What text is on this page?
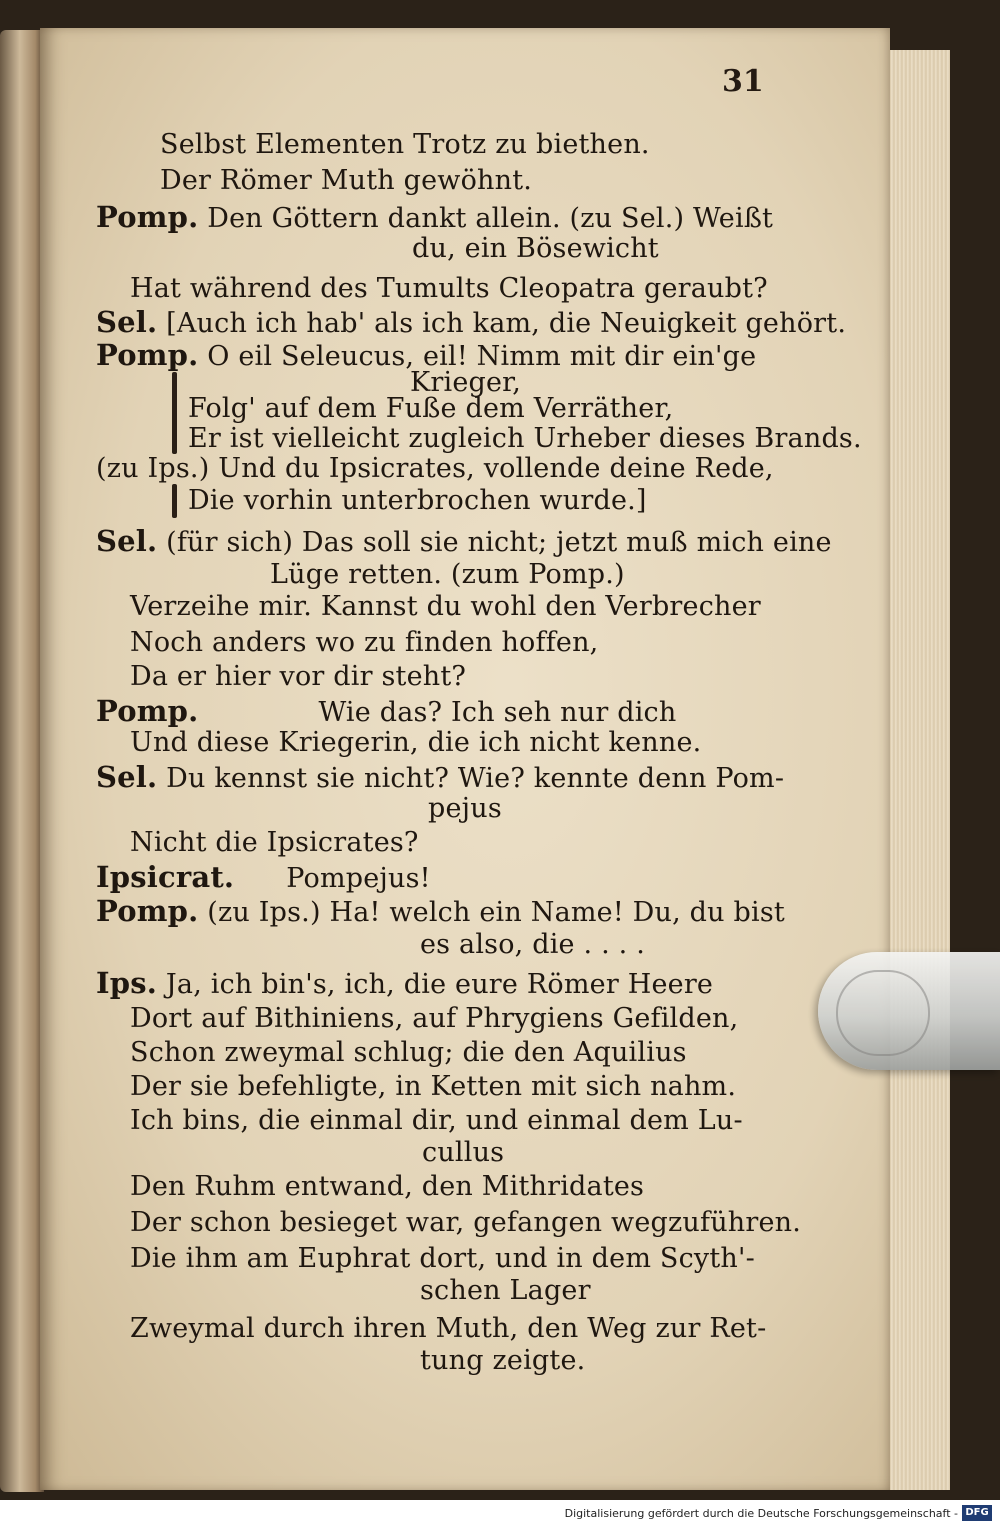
31
Selbst Elementen Trotz zu biethen.
Der Römer Muth gewöhnt.
Pomp. Den Göttern dankt allein. (zu Sel.) Weißt
du, ein Bösewicht
Hat während des Tumults Cleopatra geraubt?
Sel. [Auch ich hab' als ich kam, die Neuigkeit gehört.
Pomp. O eil Seleucus, eil! Nimm mit dir ein'ge
Krieger,
Folg' auf dem Fuße dem Verräther,
Er ist vielleicht zugleich Urheber dieses Brands.
(zu Ips.) Und du Ipsicrates, vollende deine Rede,
Die vorhin unterbrochen wurde.]
Sel. (für sich) Das soll sie nicht; jetzt muß mich eine
Lüge retten. (zum Pomp.)
Verzeihe mir. Kannst du wohl den Verbrecher
Noch anders wo zu finden hoffen,
Da er hier vor dir steht?
Pomp.	Wie das? Ich seh nur dich
Und diese Kriegerin, die ich nicht kenne.
Sel. Du kennst sie nicht? Wie? kennte denn Pom-
pejus
Nicht die Ipsicrates?
Ipsicrat. Pompejus!
Pomp. (zu Ips.) Ha! welch ein Name! Du, du bist
es also, die . . . .
Ips. Ja, ich bin's, ich, die eure Römer Heere
Dort auf Bithiniens, auf Phrygiens Gefilden,
Schon zweymal schlug; die den Aquilius
Der sie befehligte, in Ketten mit sich nahm.
Ich bins, die einmal dir, und einmal dem Lu-
cullus
Den Ruhm entwand, den Mithridates
Der schon besieget war, gefangen wegzuführen.
Die ihm am Euphrat dort, und in dem Scyth'-
schen Lager
Zweymal durch ihren Muth, den Weg zur Ret-
tung zeigte.
Digitalisierung gefördert durch die Deutsche Forschungsgemeinschaft - DFG
